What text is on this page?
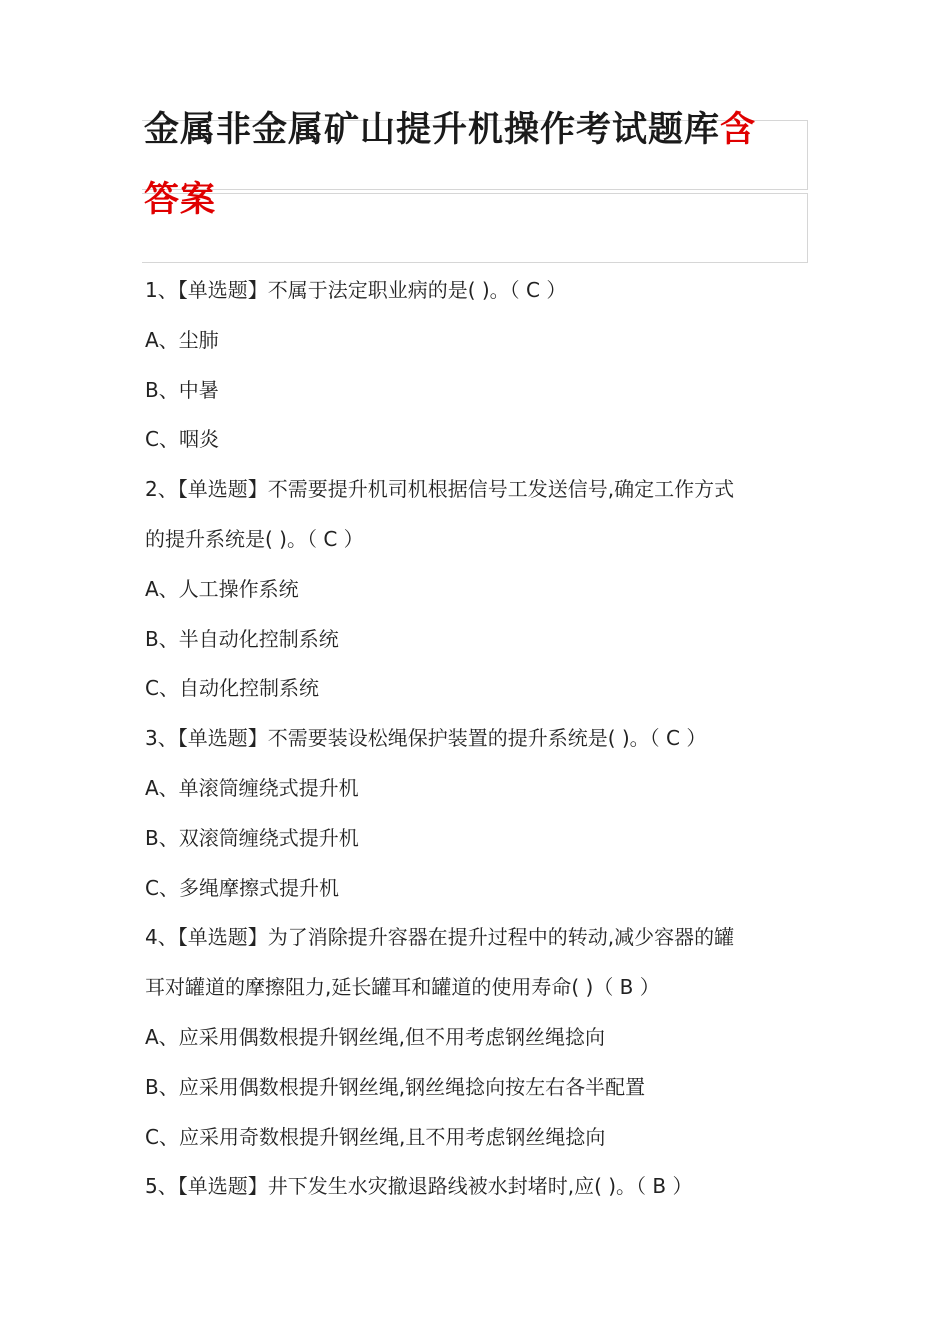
金属非金属矿山提升机操作考试题库含
答案
1、【单选题】不属于法定职业病的是( )。（ C ）
A、尘肺
B、中暑
C、咽炎
2、【单选题】不需要提升机司机根据信号工发送信号,确定工作方式
的提升系统是( )。（ C ）
A、人工操作系统
B、半自动化控制系统
C、自动化控制系统
3、【单选题】不需要装设松绳保护装置的提升系统是( )。（ C ）
A、单滚筒缠绕式提升机
B、双滚筒缠绕式提升机
C、多绳摩擦式提升机
4、【单选题】为了消除提升容器在提升过程中的转动,减少容器的罐
耳对罐道的摩擦阻力,延长罐耳和罐道的使用寿命( )（ B ）
A、应采用偶数根提升钢丝绳,但不用考虑钢丝绳捻向
B、应采用偶数根提升钢丝绳,钢丝绳捻向按左右各半配置
C、应采用奇数根提升钢丝绳,且不用考虑钢丝绳捻向
5、【单选题】井下发生水灾撤退路线被水封堵时,应( )。（ B ）
